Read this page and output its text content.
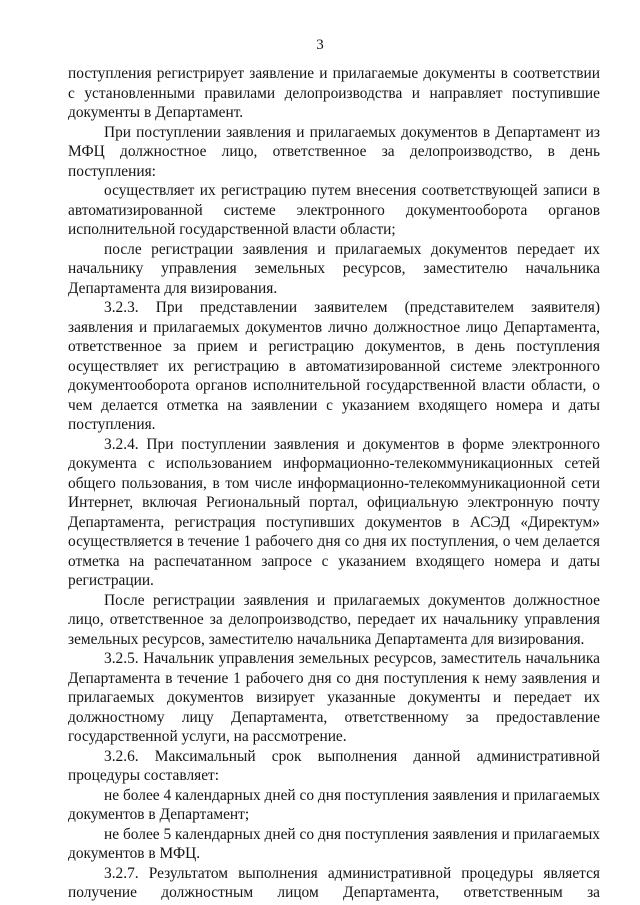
3

поступления регистрирует заявление и прилагаемые документы в соответствии с установленными правилами делопроизводства и направляет поступившие документы в Департамент.

При поступлении заявления и прилагаемых документов в Департамент из МФЦ должностное лицо, ответственное за делопроизводство, в день поступления:

осуществляет их регистрацию путем внесения соответствующей записи в автоматизированной системе электронного документооборота органов исполнительной государственной власти области;

после регистрации заявления и прилагаемых документов передает их начальнику управления земельных ресурсов, заместителю начальника Департамента для визирования.

3.2.3. При представлении заявителем (представителем заявителя) заявления и прилагаемых документов лично должностное лицо Департамента, ответственное за прием и регистрацию документов, в день поступления осуществляет их регистрацию в автоматизированной системе электронного документооборота органов исполнительной государственной власти области, о чем делается отметка на заявлении с указанием входящего номера и даты поступления.

3.2.4. При поступлении заявления и документов в форме электронного документа с использованием информационно-телекоммуникационных сетей общего пользования, в том числе информационно-телекоммуникационной сети Интернет, включая Региональный портал, официальную электронную почту Департамента, регистрация поступивших документов в АСЭД «Директум» осуществляется в течение 1 рабочего дня со дня их поступления, о чем делается отметка на распечатанном запросе с указанием входящего номера и даты регистрации.

После регистрации заявления и прилагаемых документов должностное лицо, ответственное за делопроизводство, передает их начальнику управления земельных ресурсов, заместителю начальника Департамента для визирования.

3.2.5. Начальник управления земельных ресурсов, заместитель начальника Департамента в течение 1 рабочего дня со дня поступления к нему заявления и прилагаемых документов визирует указанные документы и передает их должностному лицу Департамента, ответственному за предоставление государственной услуги, на рассмотрение.

3.2.6. Максимальный срок выполнения данной административной процедуры составляет:

не более 4 календарных дней со дня поступления заявления и прилагаемых документов в Департамент;

не более 5 календарных дней со дня поступления заявления и прилагаемых документов в МФЦ.

3.2.7. Результатом выполнения административной процедуры является получение должностным лицом Департамента, ответственным за
